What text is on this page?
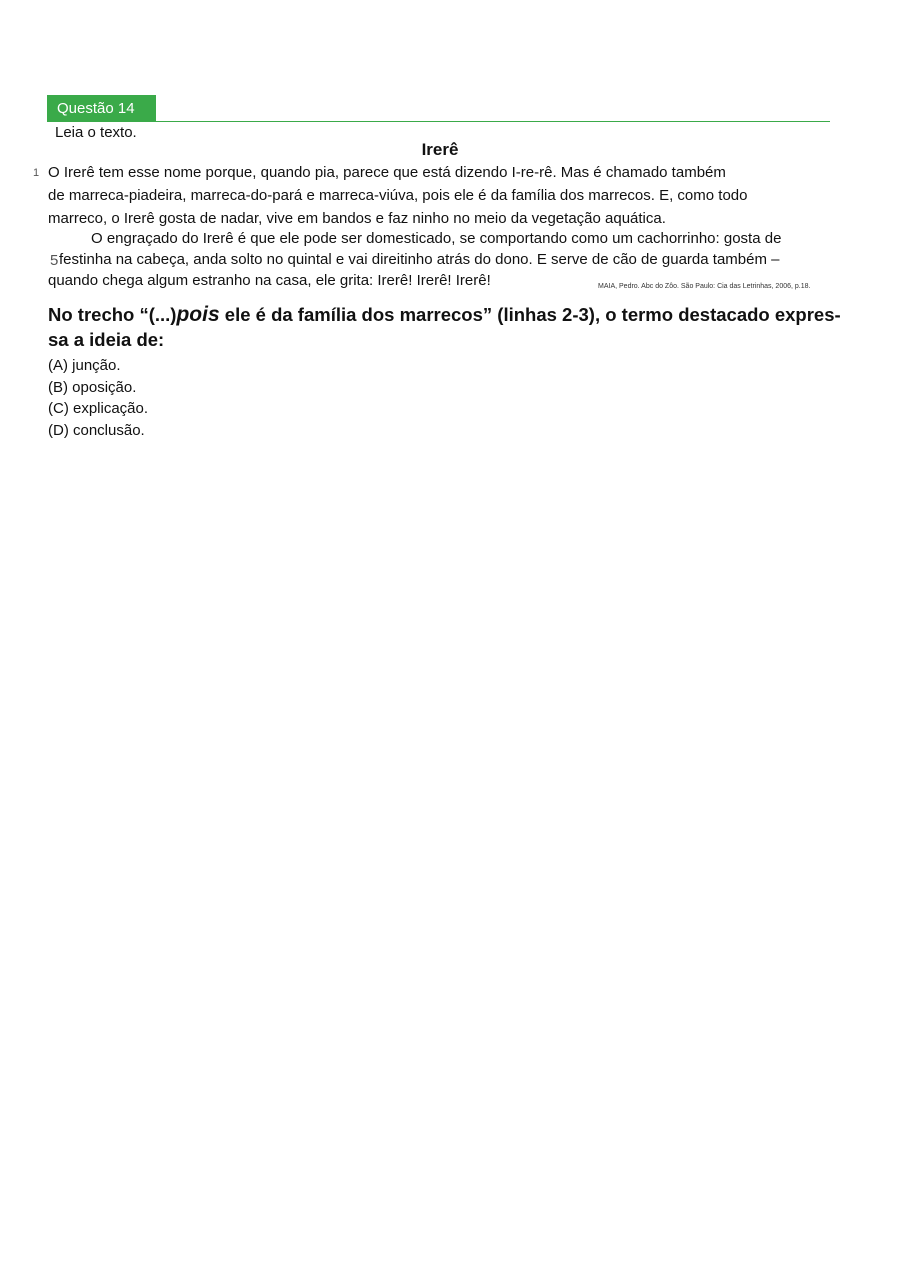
Questão 14
Leia o texto.
Irerê
1 O Irerê tem esse nome porque, quando pia, parece que está dizendo I-re-rê. Mas é chamado também
de marreca-piadeira, marreca-do-pará e marreca-viúva, pois ele é da família dos marrecos. E, como todo
marreco, o Irerê gosta de nadar, vive em bandos e faz ninho no meio da vegetação aquática.
O engraçado do Irerê é que ele pode ser domesticado, se comportando como um cachorrinho: gosta de
5 festinha na cabeça, anda solto no quintal e vai direitinho atrás do dono. E serve de cão de guarda também –
quando chega algum estranho na casa, ele grita: Irerê! Irerê! Irerê!	MAIA, Pedro. Abc do Zôo. São Paulo: Cia das Letrinhas, 2006, p.18.
No trecho “(...)pois ele é da família dos marrecos” (linhas 2-3), o termo destacado expres-sa a ideia de:
(A) junção.
(B) oposição.
(C) explicação.
(D) conclusão.
